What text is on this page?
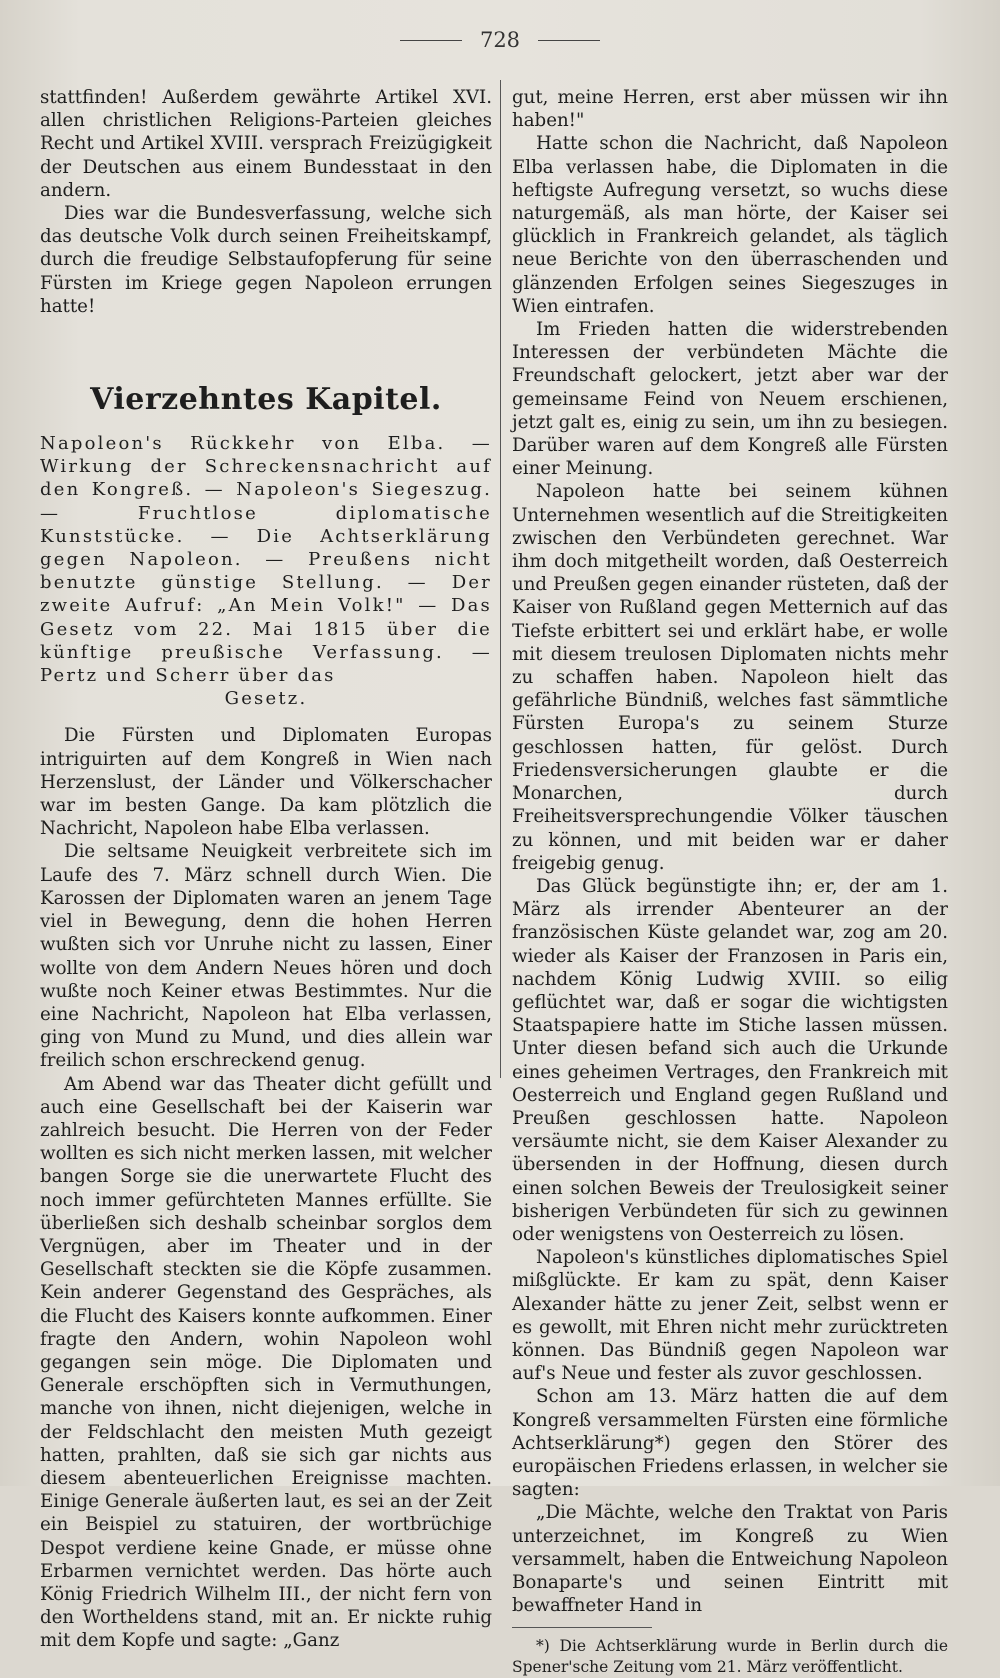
728

stattfinden! Außerdem gewährte Artikel XVI. allen christlichen Religions-Parteien gleiches Recht und Artikel XVIII. versprach Freizügigkeit der Deutschen aus einem Bundesstaat in den andern.

Dies war die Bundesverfassung, welche sich das deutsche Volk durch seinen Freiheitskampf, durch die freudige Selbstaufopferung für seine Fürsten im Kriege gegen Napoleon errungen hatte!

Vierzehntes Kapitel.
Napoleon's Rückkehr von Elba. — Wirkung der Schreckensnachricht auf den Kongreß. — Napoleon's Siegeszug. — Fruchtlose diplomatische Kunststücke. — Die Achtserklärung gegen Napoleon. — Preußens nicht benutzte günstige Stellung. — Der zweite Aufruf: „An Mein Volk!" — Das Gesetz vom 22. Mai 1815 über die künftige preußische Verfassung. — Pertz und Scherr über das
Gesetz.

Die Fürsten und Diplomaten Europas intriguirten auf dem Kongreß in Wien nach Herzenslust, der Länder und Völkerschacher war im besten Gange. Da kam plötzlich die Nachricht, Napoleon habe Elba verlassen.

Die seltsame Neuigkeit verbreitete sich im Laufe des 7. März schnell durch Wien. Die Karossen der Diplomaten waren an jenem Tage viel in Bewegung, denn die hohen Herren wußten sich vor Unruhe nicht zu lassen, Einer wollte von dem Andern Neues hören und doch wußte noch Keiner etwas Bestimmtes. Nur die eine Nachricht, Napoleon hat Elba verlassen, ging von Mund zu Mund, und dies allein war freilich schon erschreckend genug.

Am Abend war das Theater dicht gefüllt und auch eine Gesellschaft bei der Kaiserin war zahlreich besucht. Die Herren von der Feder wollten es sich nicht merken lassen, mit welcher bangen Sorge sie die unerwartete Flucht des noch immer gefürchteten Mannes erfüllte. Sie überließen sich deshalb scheinbar sorglos dem Vergnügen, aber im Theater und in der Gesellschaft steckten sie die Köpfe zusammen. Kein anderer Gegenstand des Gespräches, als die Flucht des Kaisers konnte aufkommen. Einer fragte den Andern, wohin Napoleon wohl gegangen sein möge. Die Diplomaten und Generale erschöpften sich in Vermuthungen, manche von ihnen, nicht diejenigen, welche in der Feldschlacht den meisten Muth gezeigt hatten, prahlten, daß sie sich gar nichts aus diesem abenteuerlichen Ereignisse machten. Einige Generale äußerten laut, es sei an der Zeit ein Beispiel zu statuiren, der wortbrüchige Despot verdiene keine Gnade, er müsse ohne Erbarmen vernichtet werden. Das hörte auch König Friedrich Wilhelm III., der nicht fern von den Wortheldens stand, mit an. Er nickte ruhig mit dem Kopfe und sagte: „Ganz

gut, meine Herren, erst aber müssen wir ihn haben!"

Hatte schon die Nachricht, daß Napoleon Elba verlassen habe, die Diplomaten in die heftigste Aufregung versetzt, so wuchs diese naturgemäß, als man hörte, der Kaiser sei glücklich in Frankreich gelandet, als täglich neue Berichte von den überraschenden und glänzenden Erfolgen seines Siegeszuges in Wien eintrafen.

Im Frieden hatten die widerstrebenden Interessen der verbündeten Mächte die Freundschaft gelockert, jetzt aber war der gemeinsame Feind von Neuem erschienen, jetzt galt es, einig zu sein, um ihn zu besiegen. Darüber waren auf dem Kongreß alle Fürsten einer Meinung.

Napoleon hatte bei seinem kühnen Unternehmen wesentlich auf die Streitigkeiten zwischen den Verbündeten gerechnet. War ihm doch mitgetheilt worden, daß Oesterreich und Preußen gegen einander rüsteten, daß der Kaiser von Rußland gegen Metternich auf das Tiefste erbittert sei und erklärt habe, er wolle mit diesem treulosen Diplomaten nichts mehr zu schaffen haben. Napoleon hielt das gefährliche Bündniß, welches fast sämmtliche Fürsten Europa's zu seinem Sturze geschlossen hatten, für gelöst. Durch Friedensversicherungen glaubte er die Monarchen, durch Freiheitsversprechungendie Völker täuschen zu können, und mit beiden war er daher freigebig genug.

Das Glück begünstigte ihn; er, der am 1. März als irrender Abenteurer an der französischen Küste gelandet war, zog am 20. wieder als Kaiser der Franzosen in Paris ein, nachdem König Ludwig XVIII. so eilig geflüchtet war, daß er sogar die wichtigsten Staatspapiere hatte im Stiche lassen müssen. Unter diesen befand sich auch die Urkunde eines geheimen Vertrages, den Frankreich mit Oesterreich und England gegen Rußland und Preußen geschlossen hatte. Napoleon versäumte nicht, sie dem Kaiser Alexander zu übersenden in der Hoffnung, diesen durch einen solchen Beweis der Treulosigkeit seiner bisherigen Verbündeten für sich zu gewinnen oder wenigstens von Oesterreich zu lösen.

Napoleon's künstliches diplomatisches Spiel mißglückte. Er kam zu spät, denn Kaiser Alexander hätte zu jener Zeit, selbst wenn er es gewollt, mit Ehren nicht mehr zurücktreten können. Das Bündniß gegen Napoleon war auf's Neue und fester als zuvor geschlossen.

Schon am 13. März hatten die auf dem Kongreß versammelten Fürsten eine förmliche Achtserklärung*) gegen den Störer des europäischen Friedens erlassen, in welcher sie sagten:

„Die Mächte, welche den Traktat von Paris unterzeichnet, im Kongreß zu Wien versammelt, haben die Entweichung Napoleon Bonaparte's und seinen Eintritt mit bewaffneter Hand in

*) Die Achtserklärung wurde in Berlin durch die Spener'sche Zeitung vom 21. März veröffentlicht.
